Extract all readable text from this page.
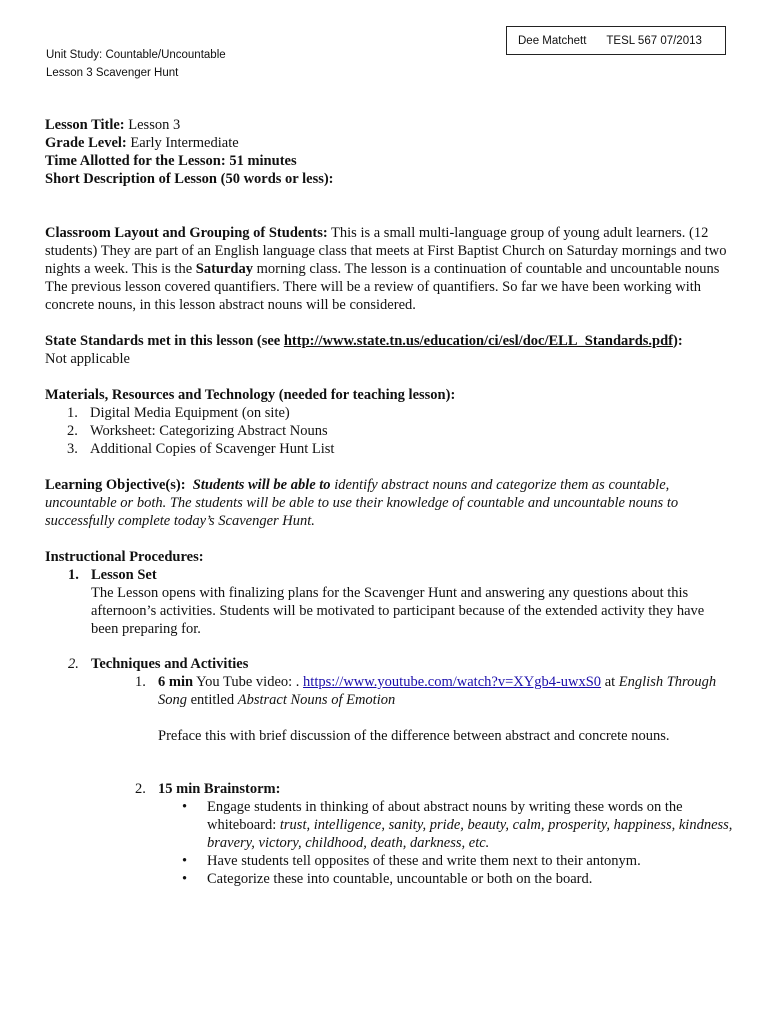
Dee Matchett TESL 567 07/2013
Unit Study: Countable/Uncountable
Lesson 3 Scavenger Hunt

Lesson Title: Lesson 3

Grade Level: Early Intermediate

Time Allotted for the Lesson: 51 minutes

Short Description of Lesson (50 words or less):

Classroom Layout and Grouping of Students: This is a small multi-language group of young adult learners. (12 students) They are part of an English language class that meets at First Baptist Church on Saturday mornings and two nights a week. This is the Saturday morning class. The lesson is a continuation of countable and uncountable nouns The previous lesson covered quantifiers. There will be a review of quantifiers. So far we have been working with concrete nouns, in this lesson abstract nouns will be considered.

State Standards met in this lesson (see http://www.state.tn.us/education/ci/esl/doc/ELL_Standards.pdf):

Not applicable

Materials, Resources and Technology (needed for teaching lesson):

1. Digital Media Equipment (on site)
2. Worksheet: Categorizing Abstract Nouns
3. Additional Copies of Scavenger Hunt List

Learning Objective(s): Students will be able to identify abstract nouns and categorize them as countable, uncountable or both. The students will be able to use their knowledge of countable and uncountable nouns to successfully complete today’s Scavenger Hunt.

Instructional Procedures:

1. Lesson Set
The Lesson opens with finalizing plans for the Scavenger Hunt and answering any questions about this afternoon’s activities. Students will be motivated to participant because of the extended activity they have been preparing for.
2. Techniques and Activities
1. 6 min You Tube video: . https://www.youtube.com/watch?v=XYgb4-uwxS0 at English Through Song entitled Abstract Nouns of Emotion
Preface this with brief discussion of the difference between abstract and concrete nouns.
2. 15 min Brainstorm:
• Engage students in thinking of about abstract nouns by writing these words on the whiteboard: trust, intelligence, sanity, pride, beauty, calm, prosperity, happiness, kindness, bravery, victory, childhood, death, darkness, etc.
• Have students tell opposites of these and write them next to their antonym.
• Categorize these into countable, uncountable or both on the board.
